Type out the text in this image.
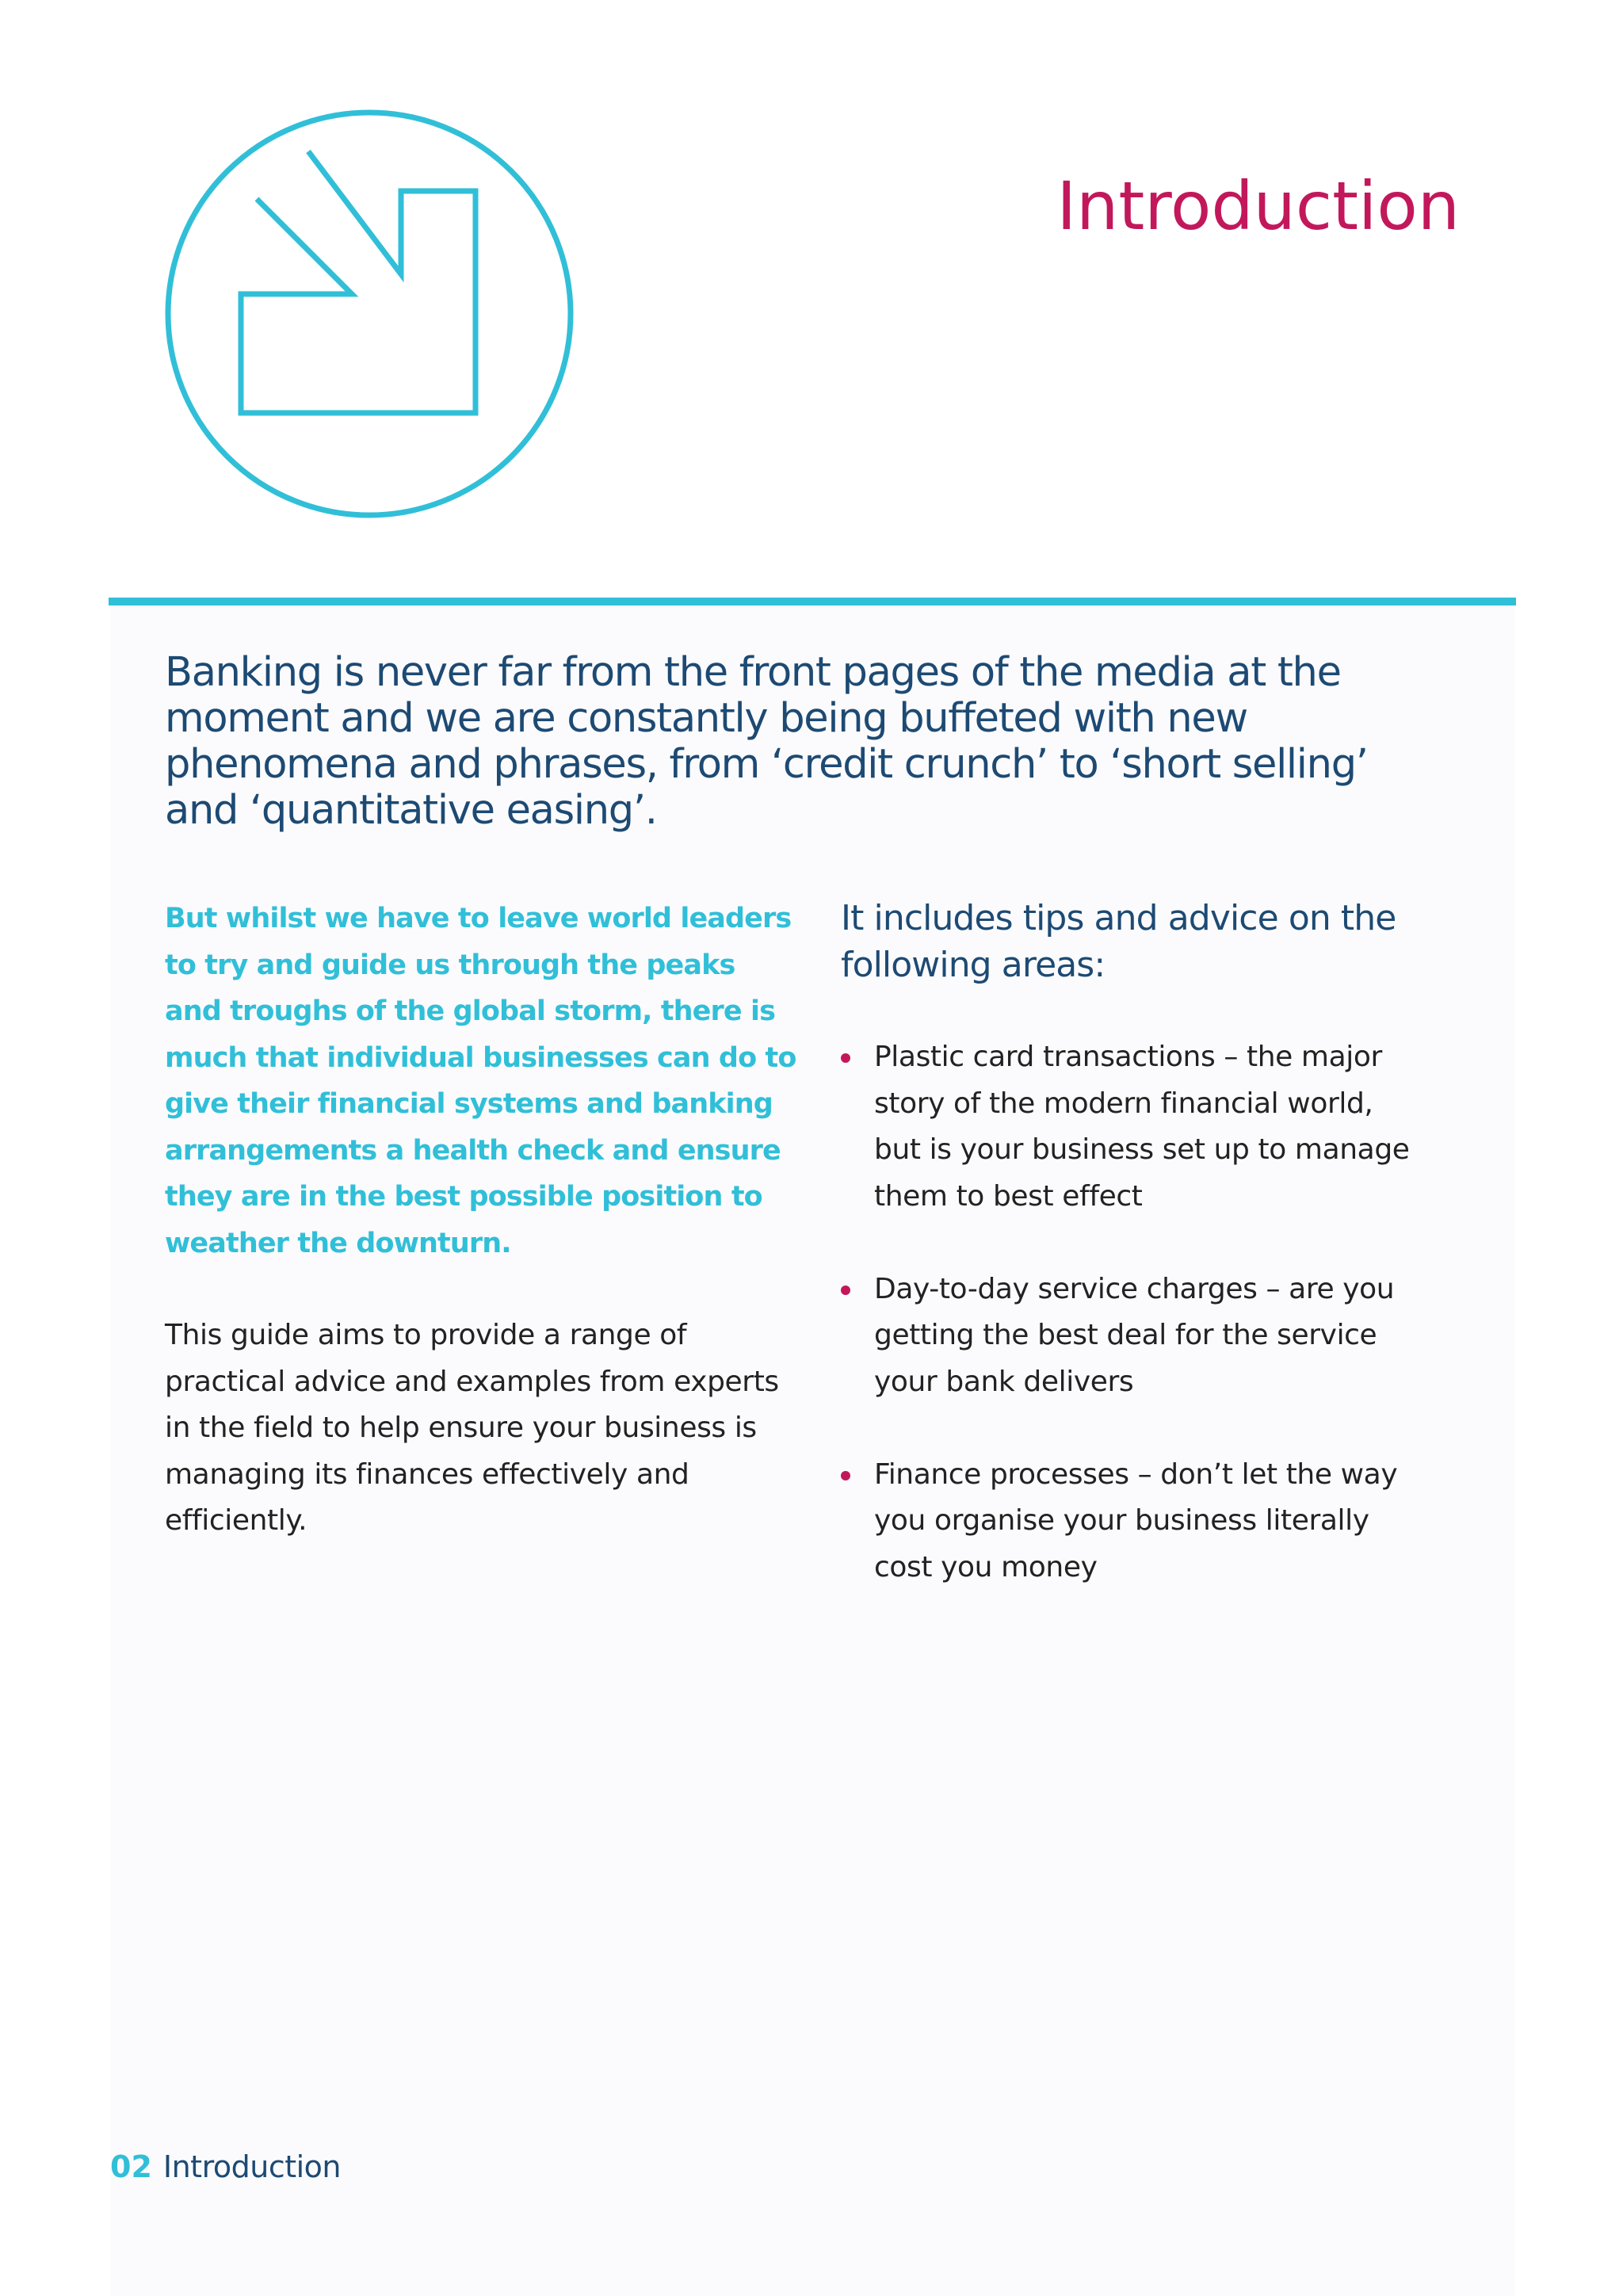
Introduction

Banking is never far from the front pages of the media at the moment and we are constantly being buffeted with new phenomena and phrases, from ‘credit crunch’ to ‘short selling’ and ‘quantitative easing’.

But whilst we have to leave world leaders to try and guide us through the peaks and troughs of the global storm, there is much that individual businesses can do to give their financial systems and banking arrangements a health check and ensure they are in the best possible position to weather the downturn.

This guide aims to provide a range of practical advice and examples from experts in the field to help ensure your business is managing its finances effectively and efficiently.

It includes tips and advice on the following areas:

Plastic card transactions – the major story of the modern financial world, but is your business set up to manage them to best effect
Day-to-day service charges – are you getting the best deal for the service your bank delivers
Finance processes – don’t let the way you organise your business literally cost you money
02 Introduction
